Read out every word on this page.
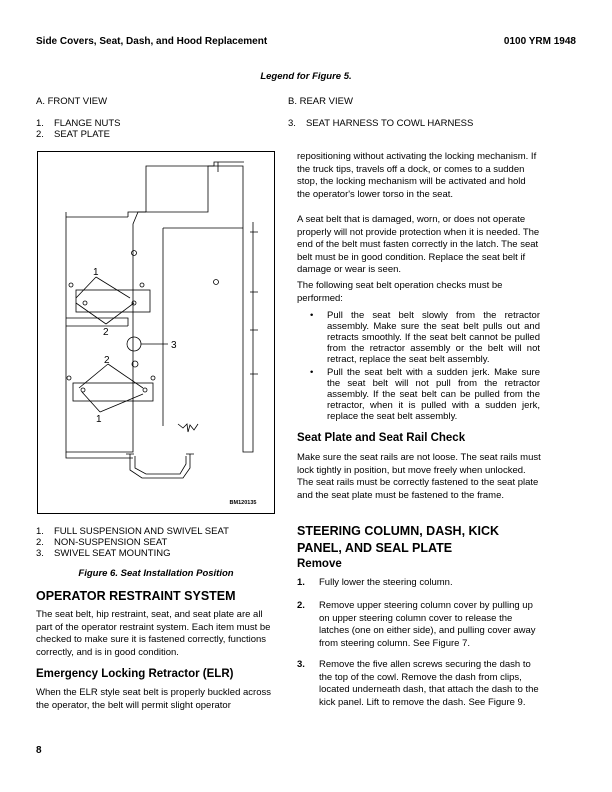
Side Covers, Seat, Dash, and Hood Replacement	0100 YRM 1948
Legend for Figure 5.
A. FRONT VIEW	B. REAR VIEW
1. FLANGE NUTS
2. SEAT PLATE
3. SEAT HARNESS TO COWL HARNESS
1
2
3
2
1
BM120135
1. FULL SUSPENSION AND SWIVEL SEAT
2. NON-SUSPENSION SEAT
3. SWIVEL SEAT MOUNTING
Figure 6. Seat Installation Position
OPERATOR RESTRAINT SYSTEM
The seat belt, hip restraint, seat, and seat plate are all part of the operator restraint system. Each item must be checked to make sure it is fastened correctly, functions correctly, and is in good condition.
Emergency Locking Retractor (ELR)
When the ELR style seat belt is properly buckled across the operator, the belt will permit slight operator
8
repositioning without activating the locking mechanism. If the truck tips, travels off a dock, or comes to a sudden stop, the locking mechanism will be activated and hold the operator's lower torso in the seat.
A seat belt that is damaged, worn, or does not operate properly will not provide protection when it is needed. The end of the belt must fasten correctly in the latch. The seat belt must be in good condition. Replace the seat belt if damage or wear is seen.
The following seat belt operation checks must be performed:
• Pull the seat belt slowly from the retractor assembly. Make sure the seat belt pulls out and retracts smoothly. If the seat belt cannot be pulled from the retractor assembly or the belt will not retract, replace the seat belt assembly.
• Pull the seat belt with a sudden jerk. Make sure the seat belt will not pull from the retractor assembly. If the seat belt can be pulled from the retractor, when it is pulled with a sudden jerk, replace the seat belt assembly.
Seat Plate and Seat Rail Check
Make sure the seat rails are not loose. The seat rails must lock tightly in position, but move freely when unlocked. The seat rails must be correctly fastened to the seat plate and the seat plate must be fastened to the frame.
STEERING COLUMN, DASH, KICK PANEL, AND SEAL PLATE
Remove
1. Fully lower the steering column.
2. Remove upper steering column cover by pulling up on upper steering column cover to release the latches (one on either side), and pulling cover away from steering column. See Figure 7.
3. Remove the five allen screws securing the dash to the top of the cowl. Remove the dash from clips, located underneath dash, that attach the dash to the kick panel. Lift to remove the dash. See Figure 9.
